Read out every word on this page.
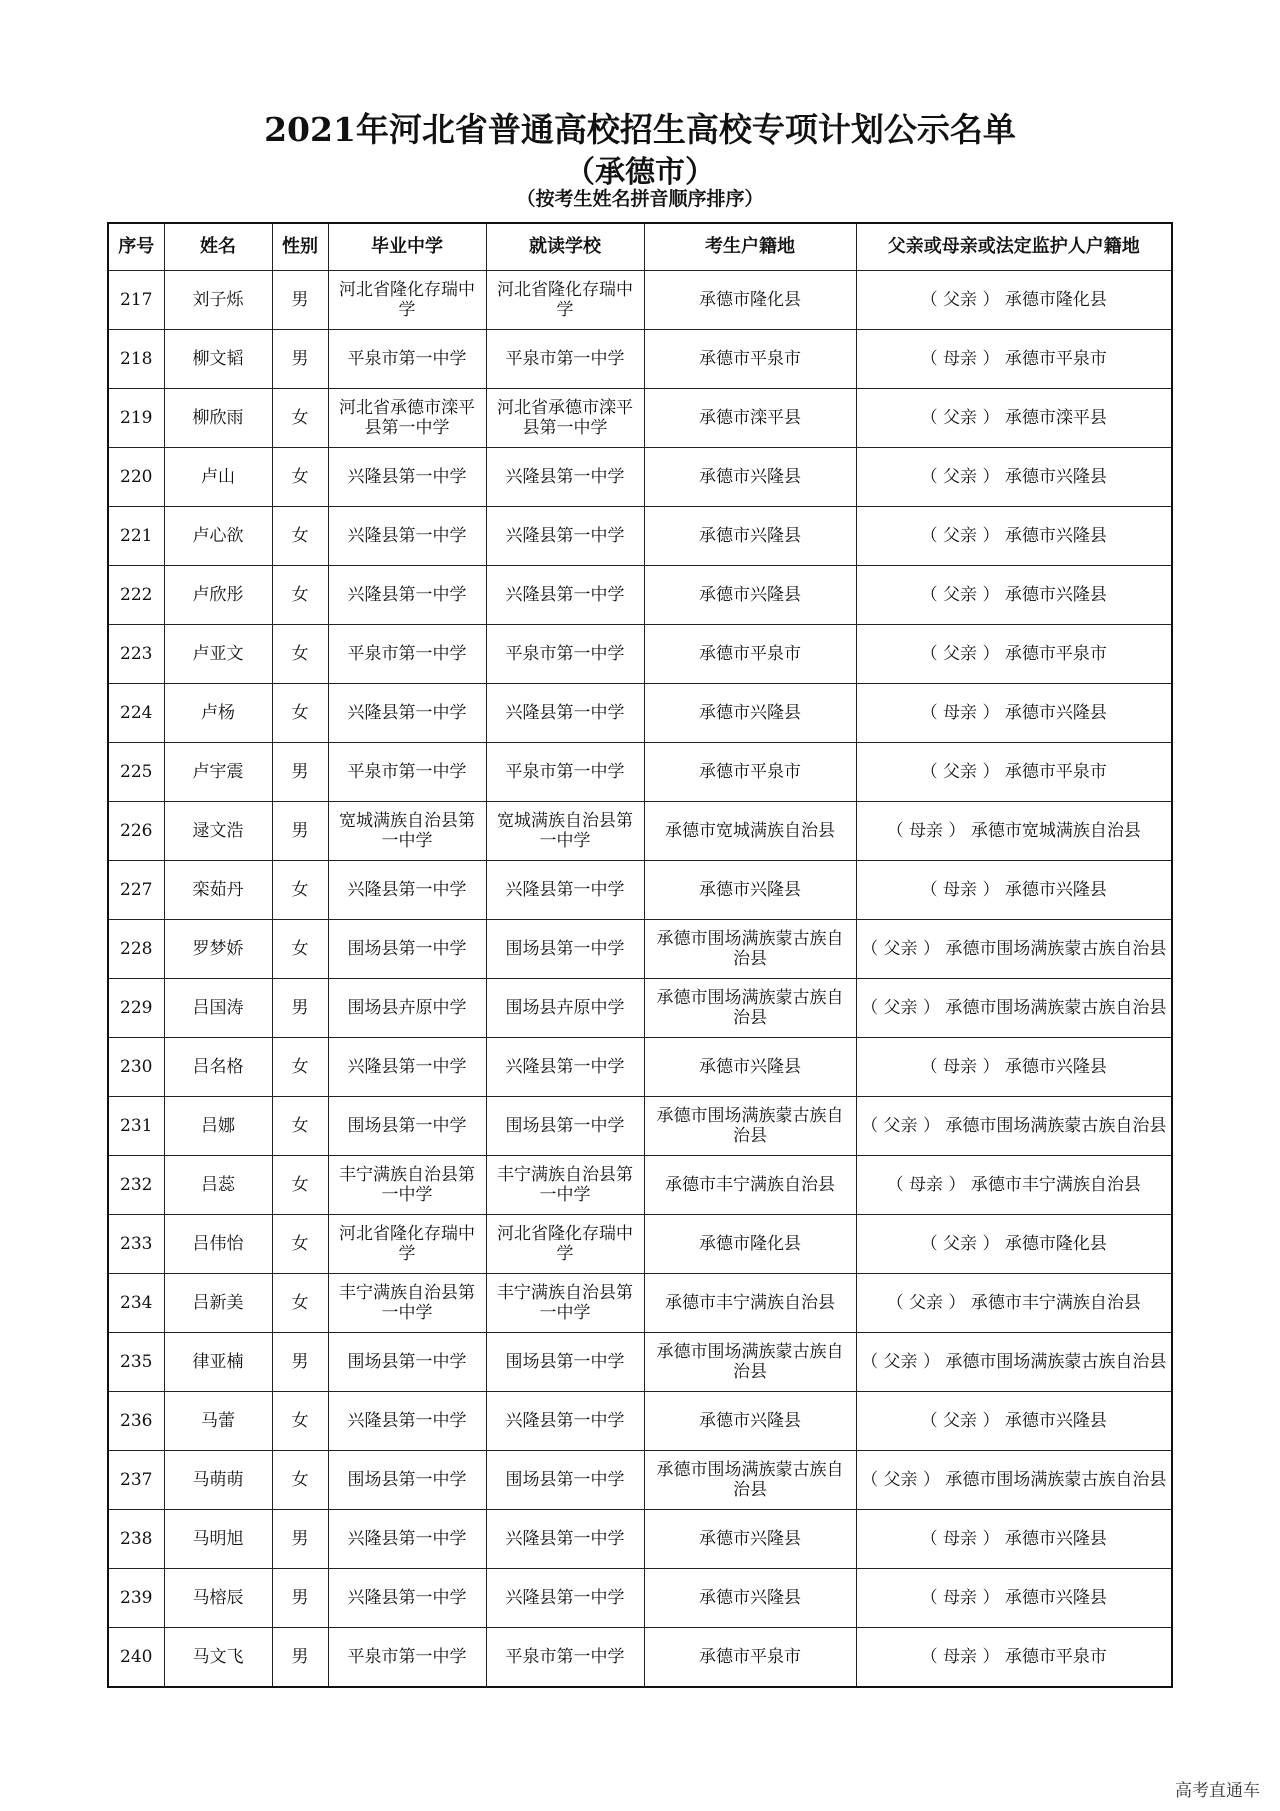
2021年河北省普通高校招生高校专项计划公示名单
（承德市）
（按考生姓名拼音顺序排序）
序号	姓名	性别	毕业中学	就读学校	考生户籍地	父亲或母亲或法定监护人户籍地
217	刘子烁	男	河北省隆化存瑞中学	河北省隆化存瑞中学	承德市隆化县	（ 父亲 ） 承德市隆化县
218	柳文韬	男	平泉市第一中学	平泉市第一中学	承德市平泉市	（ 母亲 ） 承德市平泉市
219	柳欣雨	女	河北省承德市滦平县第一中学	河北省承德市滦平县第一中学	承德市滦平县	（ 父亲 ） 承德市滦平县
220	卢山	女	兴隆县第一中学	兴隆县第一中学	承德市兴隆县	（ 父亲 ） 承德市兴隆县
221	卢心欲	女	兴隆县第一中学	兴隆县第一中学	承德市兴隆县	（ 父亲 ） 承德市兴隆县
222	卢欣彤	女	兴隆县第一中学	兴隆县第一中学	承德市兴隆县	（ 父亲 ） 承德市兴隆县
223	卢亚文	女	平泉市第一中学	平泉市第一中学	承德市平泉市	（ 父亲 ） 承德市平泉市
224	卢杨	女	兴隆县第一中学	兴隆县第一中学	承德市兴隆县	（ 母亲 ） 承德市兴隆县
225	卢宇震	男	平泉市第一中学	平泉市第一中学	承德市平泉市	（ 父亲 ） 承德市平泉市
226	逯文浩	男	宽城满族自治县第一中学	宽城满族自治县第一中学	承德市宽城满族自治县	（ 母亲 ） 承德市宽城满族自治县
227	栾茹丹	女	兴隆县第一中学	兴隆县第一中学	承德市兴隆县	（ 母亲 ） 承德市兴隆县
228	罗梦娇	女	围场县第一中学	围场县第一中学	承德市围场满族蒙古族自治县	（ 父亲 ） 承德市围场满族蒙古族自治县
229	吕国涛	男	围场县卉原中学	围场县卉原中学	承德市围场满族蒙古族自治县	（ 父亲 ） 承德市围场满族蒙古族自治县
230	吕名格	女	兴隆县第一中学	兴隆县第一中学	承德市兴隆县	（ 母亲 ） 承德市兴隆县
231	吕娜	女	围场县第一中学	围场县第一中学	承德市围场满族蒙古族自治县	（ 父亲 ） 承德市围场满族蒙古族自治县
232	吕蕊	女	丰宁满族自治县第一中学	丰宁满族自治县第一中学	承德市丰宁满族自治县	（ 母亲 ） 承德市丰宁满族自治县
233	吕伟怡	女	河北省隆化存瑞中学	河北省隆化存瑞中学	承德市隆化县	（ 父亲 ） 承德市隆化县
234	吕新美	女	丰宁满族自治县第一中学	丰宁满族自治县第一中学	承德市丰宁满族自治县	（ 父亲 ） 承德市丰宁满族自治县
235	律亚楠	男	围场县第一中学	围场县第一中学	承德市围场满族蒙古族自治县	（ 父亲 ） 承德市围场满族蒙古族自治县
236	马蕾	女	兴隆县第一中学	兴隆县第一中学	承德市兴隆县	（ 父亲 ） 承德市兴隆县
237	马萌萌	女	围场县第一中学	围场县第一中学	承德市围场满族蒙古族自治县	（ 父亲 ） 承德市围场满族蒙古族自治县
238	马明旭	男	兴隆县第一中学	兴隆县第一中学	承德市兴隆县	（ 母亲 ） 承德市兴隆县
239	马榕辰	男	兴隆县第一中学	兴隆县第一中学	承德市兴隆县	（ 母亲 ） 承德市兴隆县
240	马文飞	男	平泉市第一中学	平泉市第一中学	承德市平泉市	（ 母亲 ） 承德市平泉市
高考直通车
